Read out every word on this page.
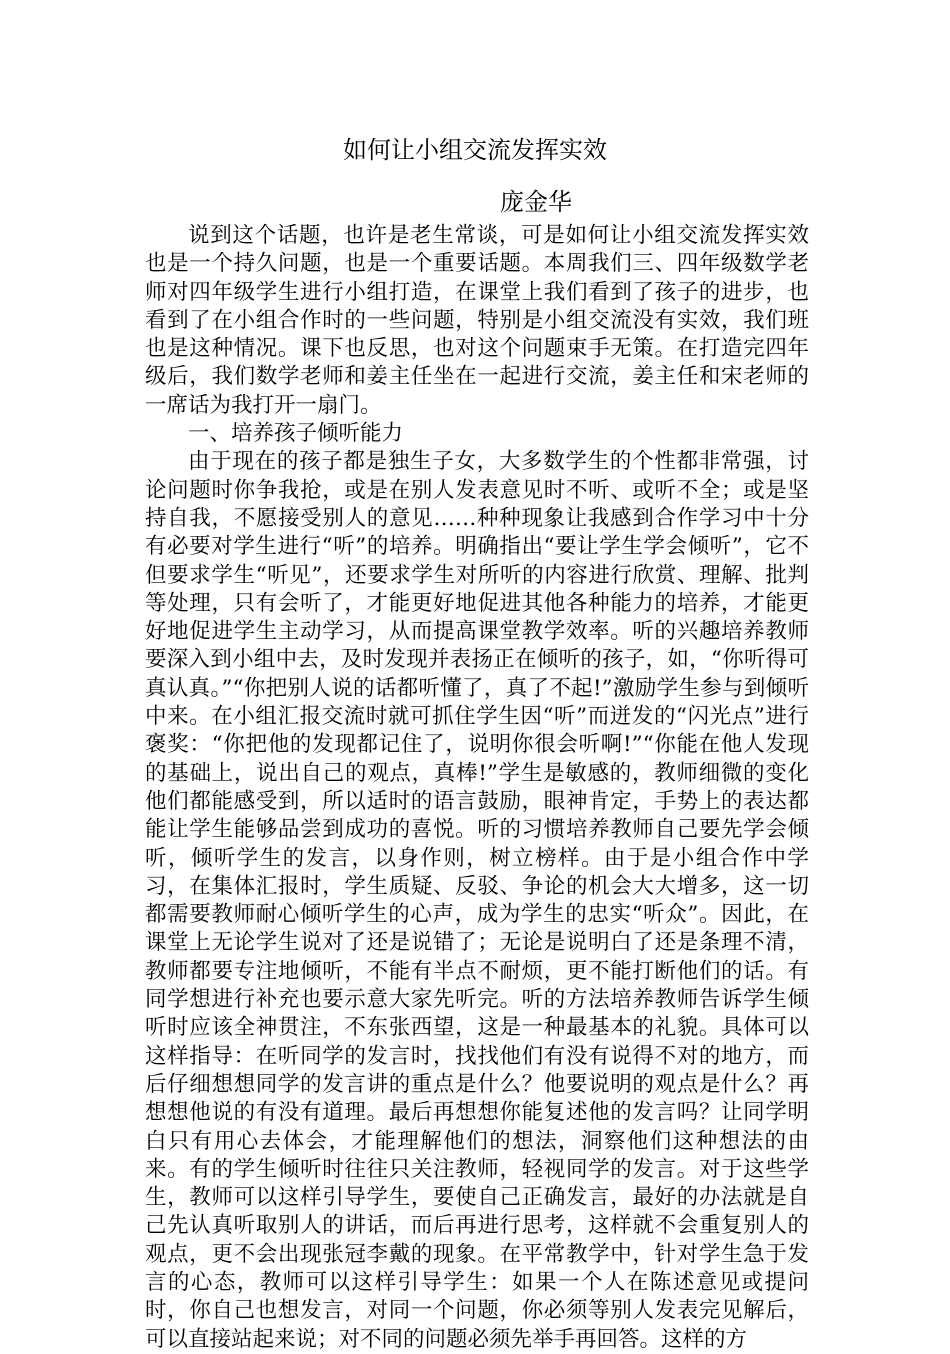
如何让小组交流发挥实效
庞金华

说到这个话题，也许是老生常谈，可是如何让小组交流发挥实效也是一个持久问题，也是一个重要话题。本周我们三、四年级数学老师对四年级学生进行小组打造，在课堂上我们看到了孩子的进步，也看到了在小组合作时的一些问题，特别是小组交流没有实效，我们班也是这种情况。课下也反思，也对这个问题束手无策。在打造完四年级后，我们数学老师和姜主任坐在一起进行交流，姜主任和宋老师的一席话为我打开一扇门。

一、培养孩子倾听能力

由于现在的孩子都是独生子女，大多数学生的个性都非常强，讨论问题时你争我抢，或是在别人发表意见时不听、或听不全；或是坚持自我，不愿接受别人的意见……种种现象让我感到合作学习中十分有必要对学生进行“听”的培养。明确指出“要让学生学会倾听”，它不但要求学生“听见”，还要求学生对所听的内容进行欣赏、理解、批判等处理，只有会听了，才能更好地促进其他各种能力的培养，才能更好地促进学生主动学习，从而提高课堂教学效率。听的兴趣培养教师要深入到小组中去，及时发现并表扬正在倾听的孩子，如，“你听得可真认真。”“你把别人说的话都听懂了，真了不起!”激励学生参与到倾听中来。在小组汇报交流时就可抓住学生因“听”而迸发的“闪光点”进行褒奖：“你把他的发现都记住了，说明你很会听啊!”“你能在他人发现的基础上，说出自己的观点，真棒!”学生是敏感的，教师细微的变化他们都能感受到，所以适时的语言鼓励，眼神肯定，手势上的表达都能让学生能够品尝到成功的喜悦。听的习惯培养教师自己要先学会倾听，倾听学生的发言，以身作则，树立榜样。由于是小组合作中学习，在集体汇报时，学生质疑、反驳、争论的机会大大增多，这一切都需要教师耐心倾听学生的心声，成为学生的忠实“听众”。因此，在课堂上无论学生说对了还是说错了；无论是说明白了还是条理不清，教师都要专注地倾听，不能有半点不耐烦，更不能打断他们的话。有同学想进行补充也要示意大家先听完。听的方法培养教师告诉学生倾听时应该全神贯注，不东张西望，这是一种最基本的礼貌。具体可以这样指导：在听同学的发言时，找找他们有没有说得不对的地方，而后仔细想想同学的发言讲的重点是什么？他要说明的观点是什么？再想想他说的有没有道理。最后再想想你能复述他的发言吗？让同学明白只有用心去体会，才能理解他们的想法，洞察他们这种想法的由来。有的学生倾听时往往只关注教师，轻视同学的发言。对于这些学生，教师可以这样引导学生，要使自己正确发言，最好的办法就是自己先认真听取别人的讲话，而后再进行思考，这样就不会重复别人的观点，更不会出现张冠李戴的现象。在平常教学中，针对学生急于发言的心态，教师可以这样引导学生：如果一个人在陈述意见或提问时，你自己也想发言，对同一个问题，你必须等别人发表完见解后，可以直接站起来说；对不同的问题必须先举手再回答。这样的方
